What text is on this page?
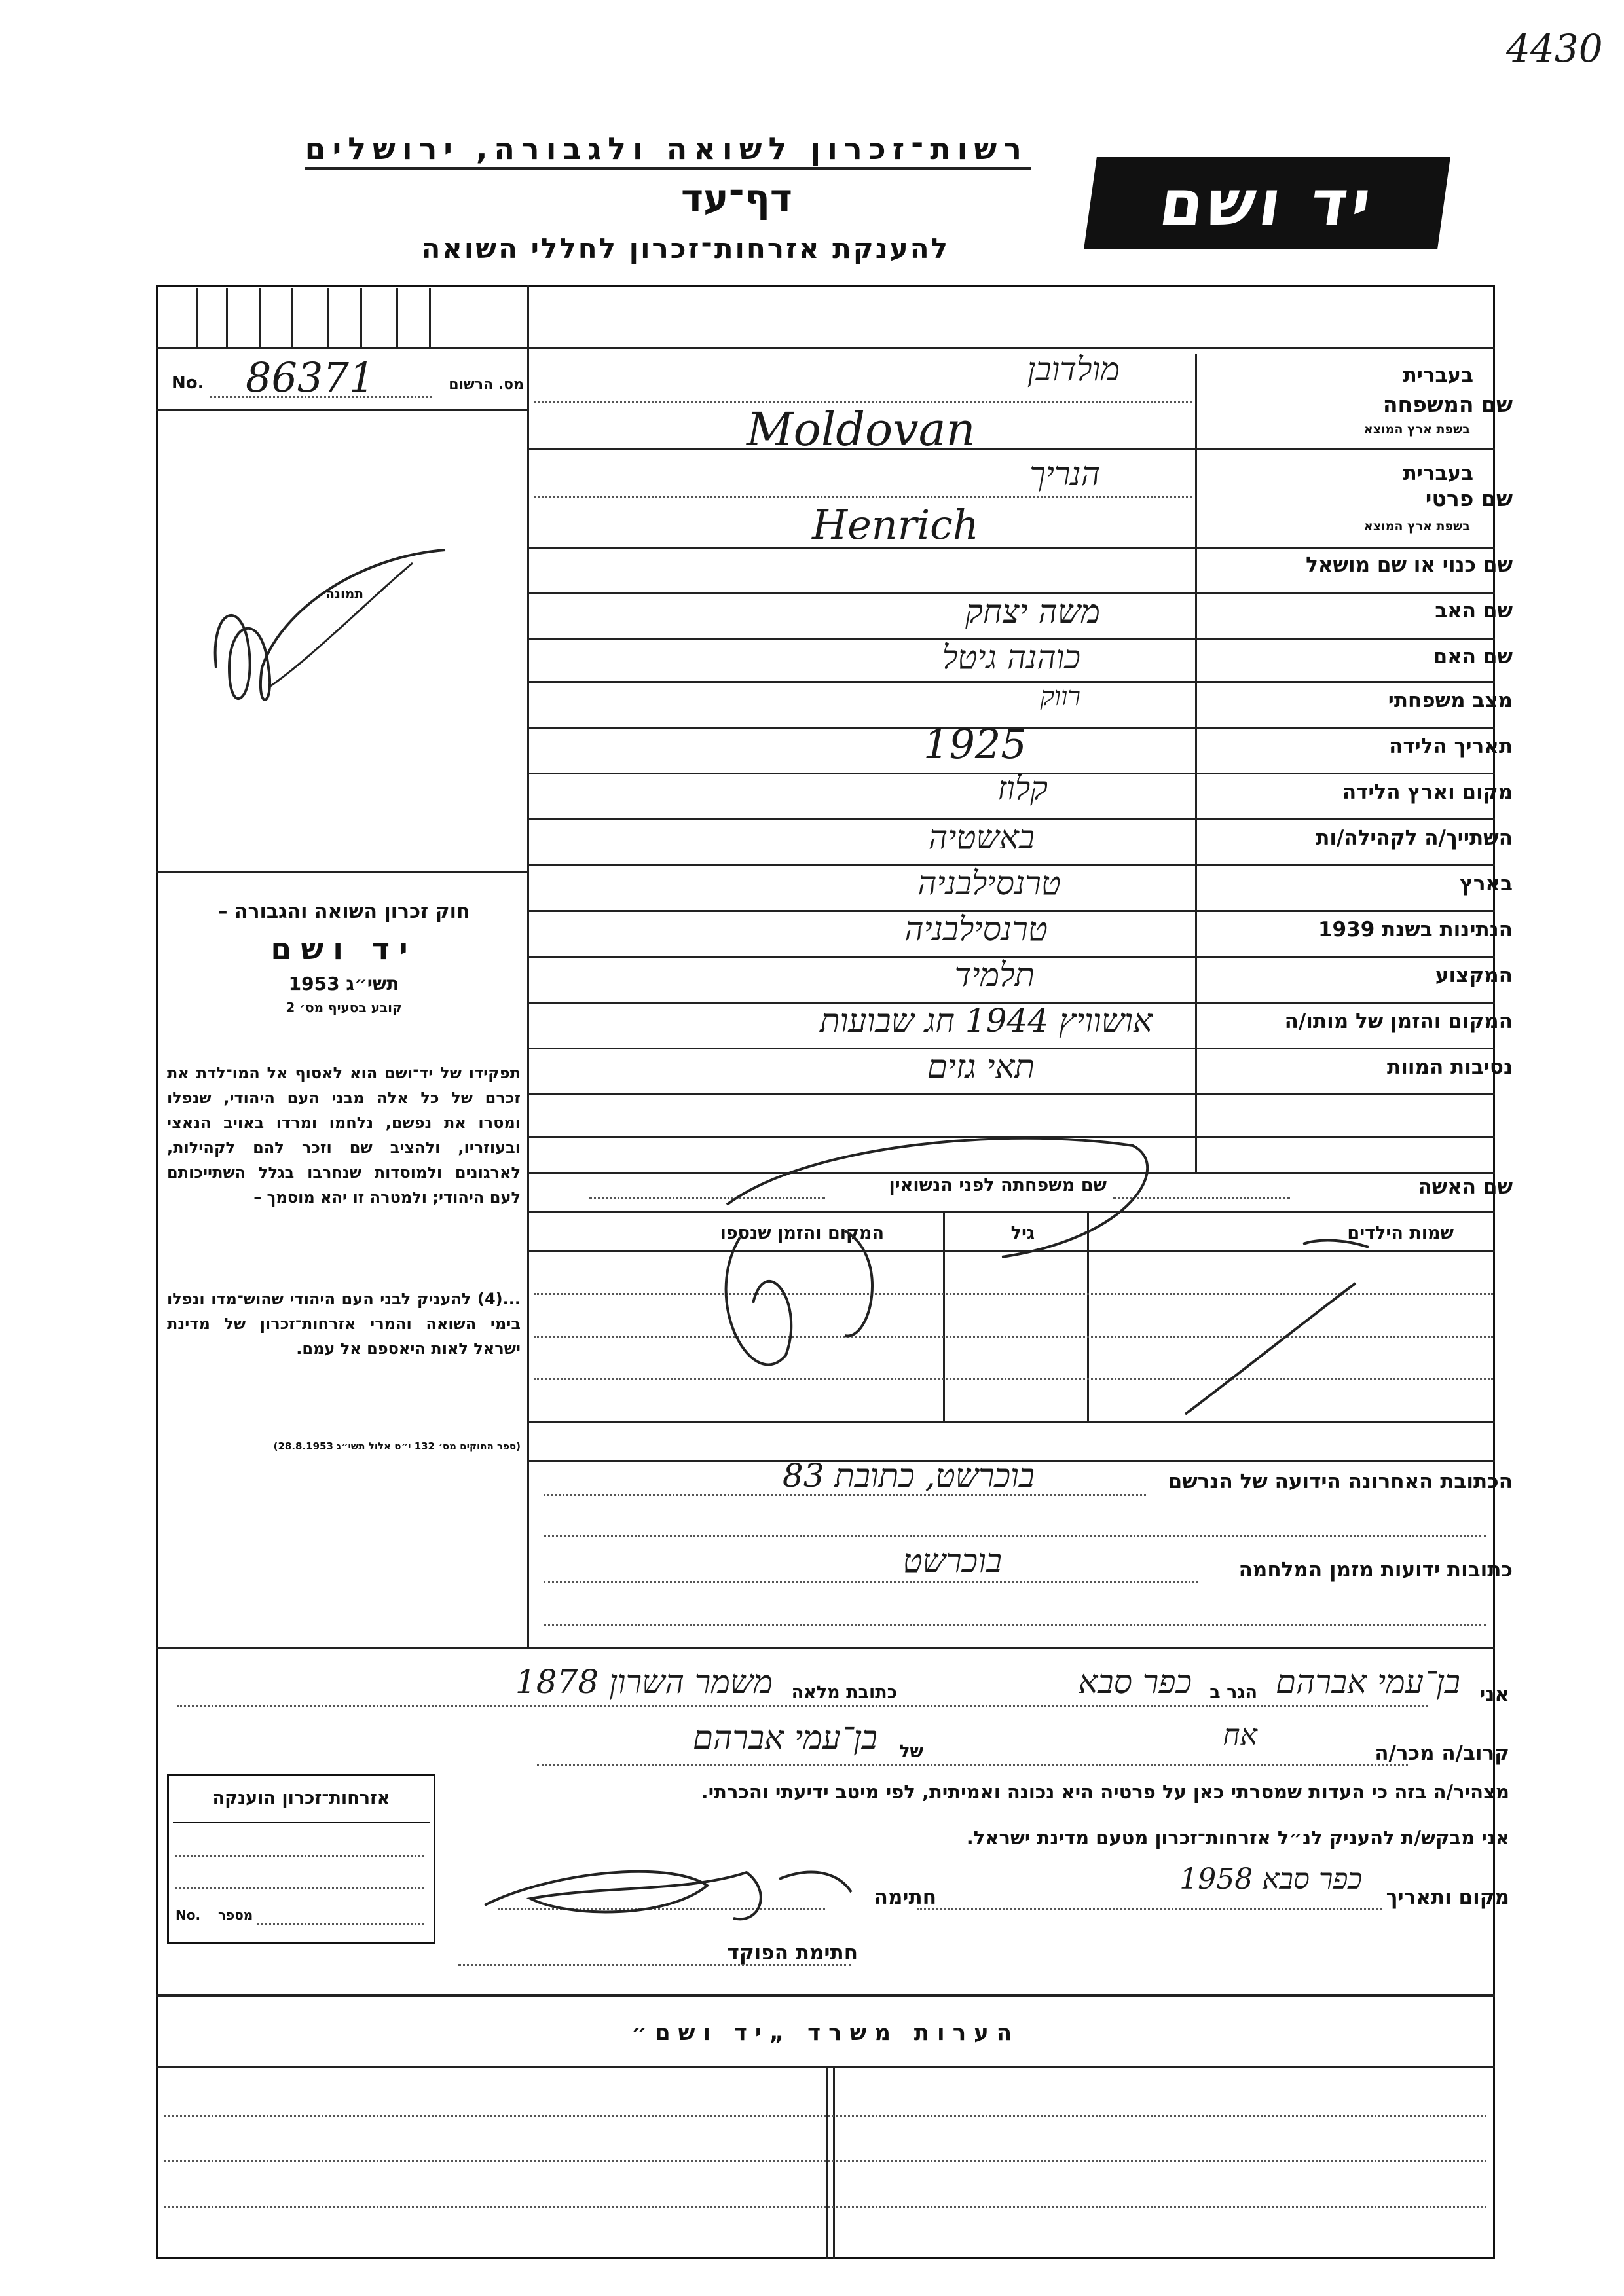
4430
רשות־זכרון לשואה ולגבורה, ירושלים
דף־עד
להענקת אזרחות־זכרון לחללי השואה
יד ושם
No. 86371	מס. הרשום
תמונה
חוק זכרון השואה והגבורה –
יד ושם
תשי״ג 1953
קובע בסעיף מס׳ 2
תפקידו של יד־ושם הוא לאסוף אל המו־לדת את זכרם של כל אלה מבני העם היהודי, שנפלו ומסרו את נפשם, נלחמו ומרדו באויב הנאצי ובעוזריו, ולהציב שם וזכר להם לקהילות, לארגונים ולמוסדות שנחרבו בגלל השתייכותם לעם היהודי; ולמטרה זו יהא מוסמך –
...(4) להעניק לבני העם היהודי שהוש־מדו ונפלו בימי השואה והמרי אזרחות־זכרון של מדינת ישראל לאות היאספם אל עמם.
(ספר החוקים מס׳ 132 י״ט אלול תשי״ג 28.8.1953)
בעברית
שם המשפחה
בשפת ארץ המוצא
בעברית
שם פרטי
בשפת ארץ המוצא
שם כנוי או שם מושאל
שם האב
שם האם
מצב משפחתי
תאריך הלידה
מקום וארץ הלידה
השתייך/ה לקהילה/ות
בארץ
הנתינות בשנת 1939
המקצוע
המקום והזמן של מותו/ה
נסיבות המוות
מולדובן
Moldovan
הנריך
Henrich
משה יצחק
כוהנה גיטל
רווק
1925
קלוז
באשטיה
טרנסילבניה
טרנסילבניה
תלמיד
אושוויץ 1944 חג שבועות
תאי גזים
שם האשה
שם משפחתה לפני הנשואין
שמות הילדים
גיל
המקום והזמן שנספו
הכתובת האחרונה הידועה של הנרשם
בוכרשט, כתובת 83
כתובות ידועות מזמן המלחמה
בוכרשט
אני
בן־עמי אברהם
הגר ב
כפר סבא
כתובת מלאה
משמר השרון 1878
קרוב/ה מכר/ה
אח
של
בן־עמי אברהם
מצהיר/ה בזה כי העדות שמסרתי כאן על פרטיה היא נכונה ואמיתית, לפי מיטב ידיעתי והכרתי.
אני מבקש/ת להעניק לנ״ל אזרחות־זכרון מטעם מדינת ישראל.
מקום ותאריך
כפר סבא 1958
חתימה
חתימת הפוקד
אזרחות־זכרון הוענקה
No. מספר
הערות משרד „יד ושם״
